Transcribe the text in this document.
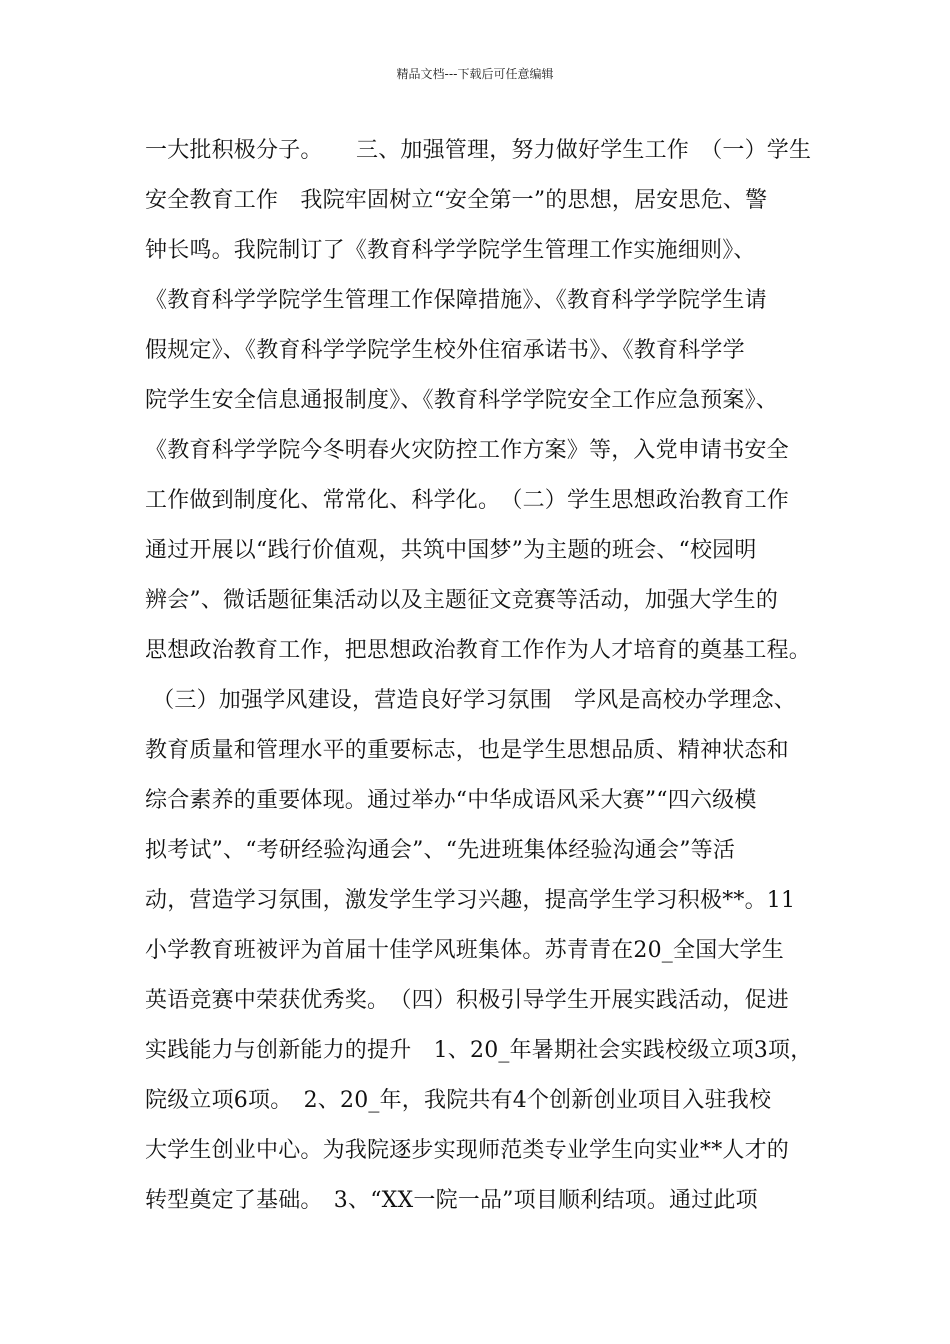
精品文档---下载后可任意编辑
一大批积极分子。　　三、加强管理，努力做好学生工作　（一）学生
安全教育工作　我院牢固树立“安全第一”的思想，居安思危、警
钟长鸣。我院制订了《教育科学学院学生管理工作实施细则》、
《教育科学学院学生管理工作保障措施》、《教育科学学院学生请
假规定》、《教育科学学院学生校外住宿承诺书》、《教育科学学
院学生安全信息通报制度》、《教育科学学院安全工作应急预案》、
《教育科学学院今冬明春火灾防控工作方案》等，入党申请书安全
工作做到制度化、常常化、科学化。　（二）学生思想政治教育工作
通过开展以“践行价值观，共筑中国梦”为主题的班会、“校园明
辨会”、微话题征集活动以及主题征文竞赛等活动，加强大学生的
思想政治教育工作，把思想政治教育工作作为人才培育的奠基工程。
（三）加强学风建设，营造良好学习氛围　学风是高校办学理念、
教育质量和管理水平的重要标志，也是学生思想品质、精神状态和
综合素养的重要体现。通过举办“中华成语风采大赛”“四六级模
拟考试”、“考研经验沟通会”、“先进班集体经验沟通会”等活
动，营造学习氛围，激发学生学习兴趣，提高学生学习积极**。11
小学教育班被评为首届十佳学风班集体。苏青青在20_全国大学生
英语竞赛中荣获优秀奖。　（四）积极引导学生开展实践活动，促进
实践能力与创新能力的提升　1、20_年暑期社会实践校级立项3项，
院级立项6项。　2、20_年，我院共有4个创新创业项目入驻我校
大学生创业中心。为我院逐步实现师范类专业学生向实业**人才的
转型奠定了基础。　3、“XX一院一品”项目顺利结项。通过此项
